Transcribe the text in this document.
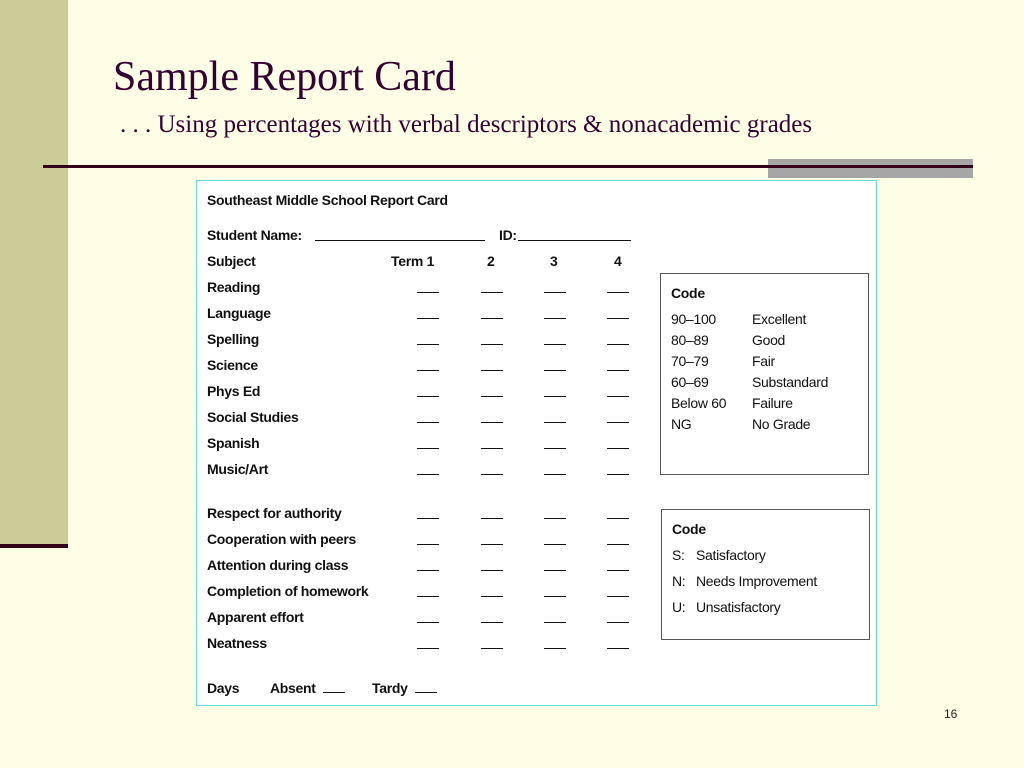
Sample Report Card

. . . Using percentages with verbal descriptors & nonacademic grades

Southeast Middle School Report Card
Student Name:	ID:
Subject	Term 1	2	3	4
Reading
Language
Spelling
Science
Phys Ed
Social Studies
Spanish
Music/Art
Respect for authority
Cooperation with peers
Attention during class
Completion of homework
Apparent effort
Neatness
Days Absent	Tardy
Code
90–100	Excellent
80–89	Good
70–79	Fair
60–69	Substandard
Below 60 Failure
NG	No Grade
Code
S: Satisfactory
N: Needs Improvement
U: Unsatisfactory
16
